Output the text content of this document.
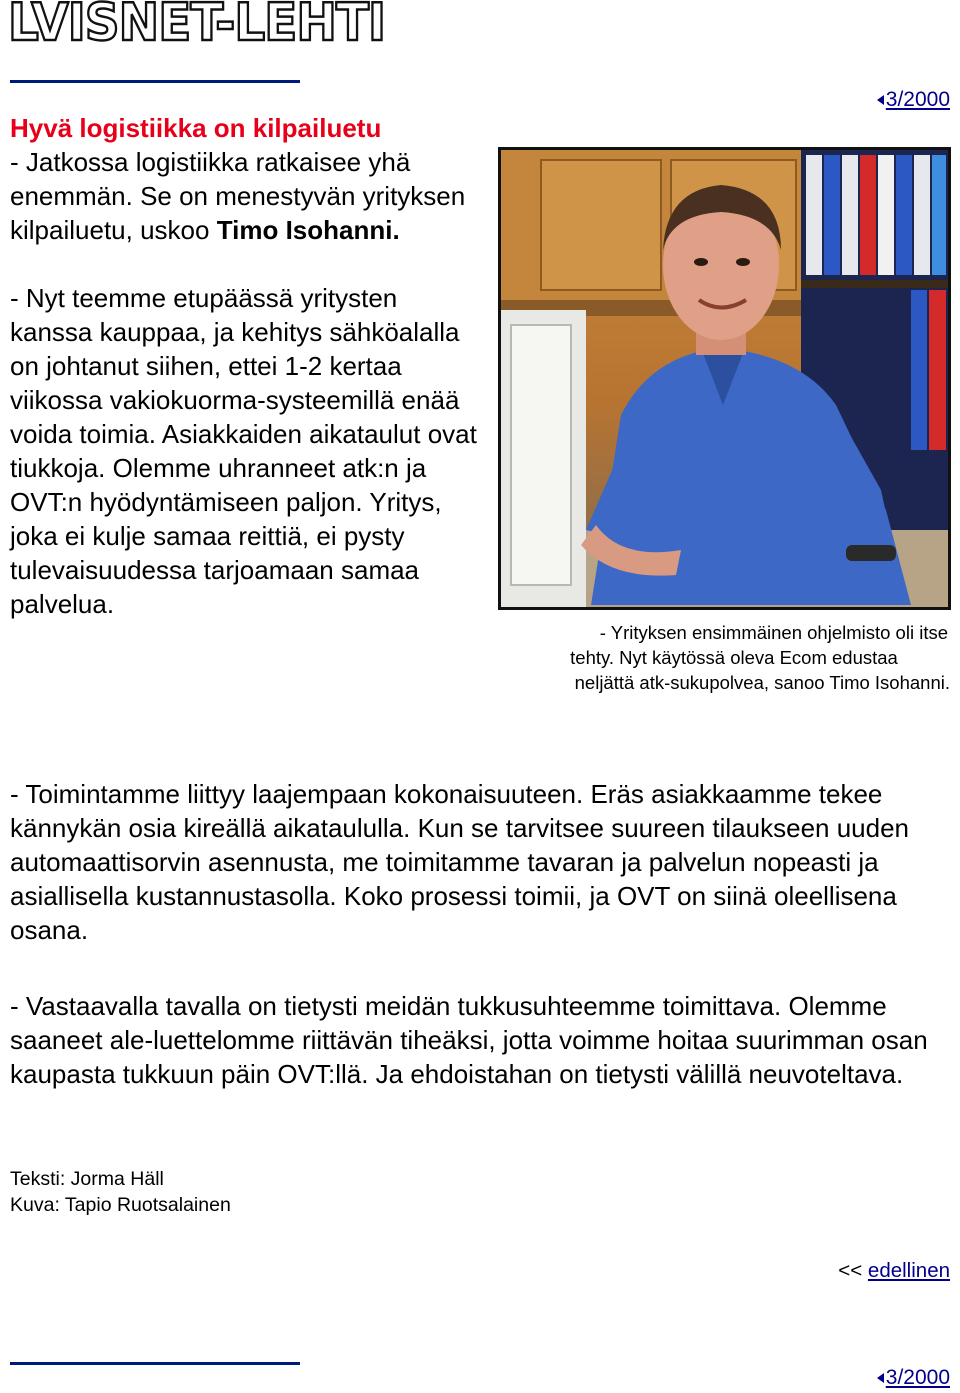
LVISNET-LEHTI
3/2000

Hyvä logistiikka on kilpailuetu

- Jatkossa logistiikka ratkaisee yhä enemmän. Se on menestyvän yrityksen kilpailuetu, uskoo Timo Isohanni.

- Nyt teemme etupäässä yritysten kanssa kauppaa, ja kehitys sähköalalla on johtanut siihen, ettei 1-2 kertaa viikossa vakiokuorma-systeemillä enää voida toimia. Asiakkaiden aikataulut ovat tiukkoja. Olemme uhranneet atk:n ja OVT:n hyödyntämiseen paljon. Yritys, joka ei kulje samaa reittiä, ei pysty tulevaisuudessa tarjoamaan samaa palvelua.

- Yrityksen ensimmäinen ohjelmisto oli itse

tehty. Nyt käytössä oleva Ecom edustaa

neljättä atk-sukupolvea, sanoo Timo Isohanni.

- Toimintamme liittyy laajempaan kokonaisuuteen. Eräs asiakkaamme tekee kännykän osia kireällä aikataululla. Kun se tarvitsee suureen tilaukseen uuden automaattisorvin asennusta, me toimitamme tavaran ja palvelun nopeasti ja asiallisella kustannustasolla. Koko prosessi toimii, ja OVT on siinä oleellisena osana.

- Vastaavalla tavalla on tietysti meidän tukkusuhteemme toimittava. Olemme saaneet ale-luettelomme riittävän tiheäksi, jotta voimme hoitaa suurimman osan kaupasta tukkuun päin OVT:llä. Ja ehdoistahan on tietysti välillä neuvoteltava.

Teksti: Jorma Häll

Kuva: Tapio Ruotsalainen

<< edellinen
3/2000
